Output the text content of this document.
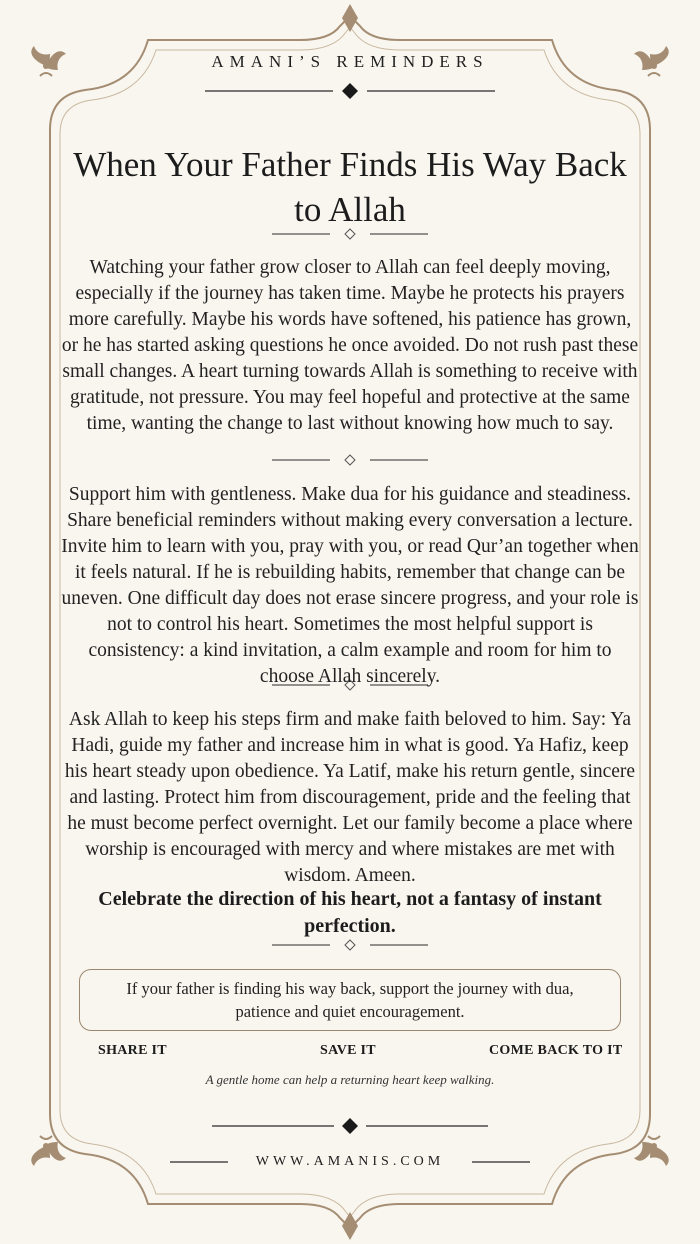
AMANI’S REMINDERS
When Your Father Finds His Way Back to Allah

Watching your father grow closer to Allah can feel deeply moving, especially if the journey has taken time. Maybe he protects his prayers more carefully. Maybe his words have softened, his patience has grown, or he has started asking questions he once avoided. Do not rush past these small changes. A heart turning towards Allah is something to receive with gratitude, not pressure. You may feel hopeful and protective at the same time, wanting the change to last without knowing how much to say.

Support him with gentleness. Make dua for his guidance and steadiness. Share beneficial reminders without making every conversation a lecture. Invite him to learn with you, pray with you, or read Qur’an together when it feels natural. If he is rebuilding habits, remember that change can be uneven. One difficult day does not erase sincere progress, and your role is not to control his heart. Sometimes the most helpful support is consistency: a kind invitation, a calm example and room for him to choose Allah sincerely.

Ask Allah to keep his steps firm and make faith beloved to him. Say: Ya Hadi, guide my father and increase him in what is good. Ya Hafiz, keep his heart steady upon obedience. Ya Latif, make his return gentle, sincere and lasting. Protect him from discouragement, pride and the feeling that he must become perfect overnight. Let our family become a place where worship is encouraged with mercy and where mistakes are met with wisdom. Ameen.

Celebrate the direction of his heart, not a fantasy of instant perfection.

If your father is finding his way back, support the journey with dua, patience and quiet encouragement.
SHARE IT	SAVE IT	COME BACK TO IT
A gentle home can help a returning heart keep walking.
WWW.AMANIS.COM
